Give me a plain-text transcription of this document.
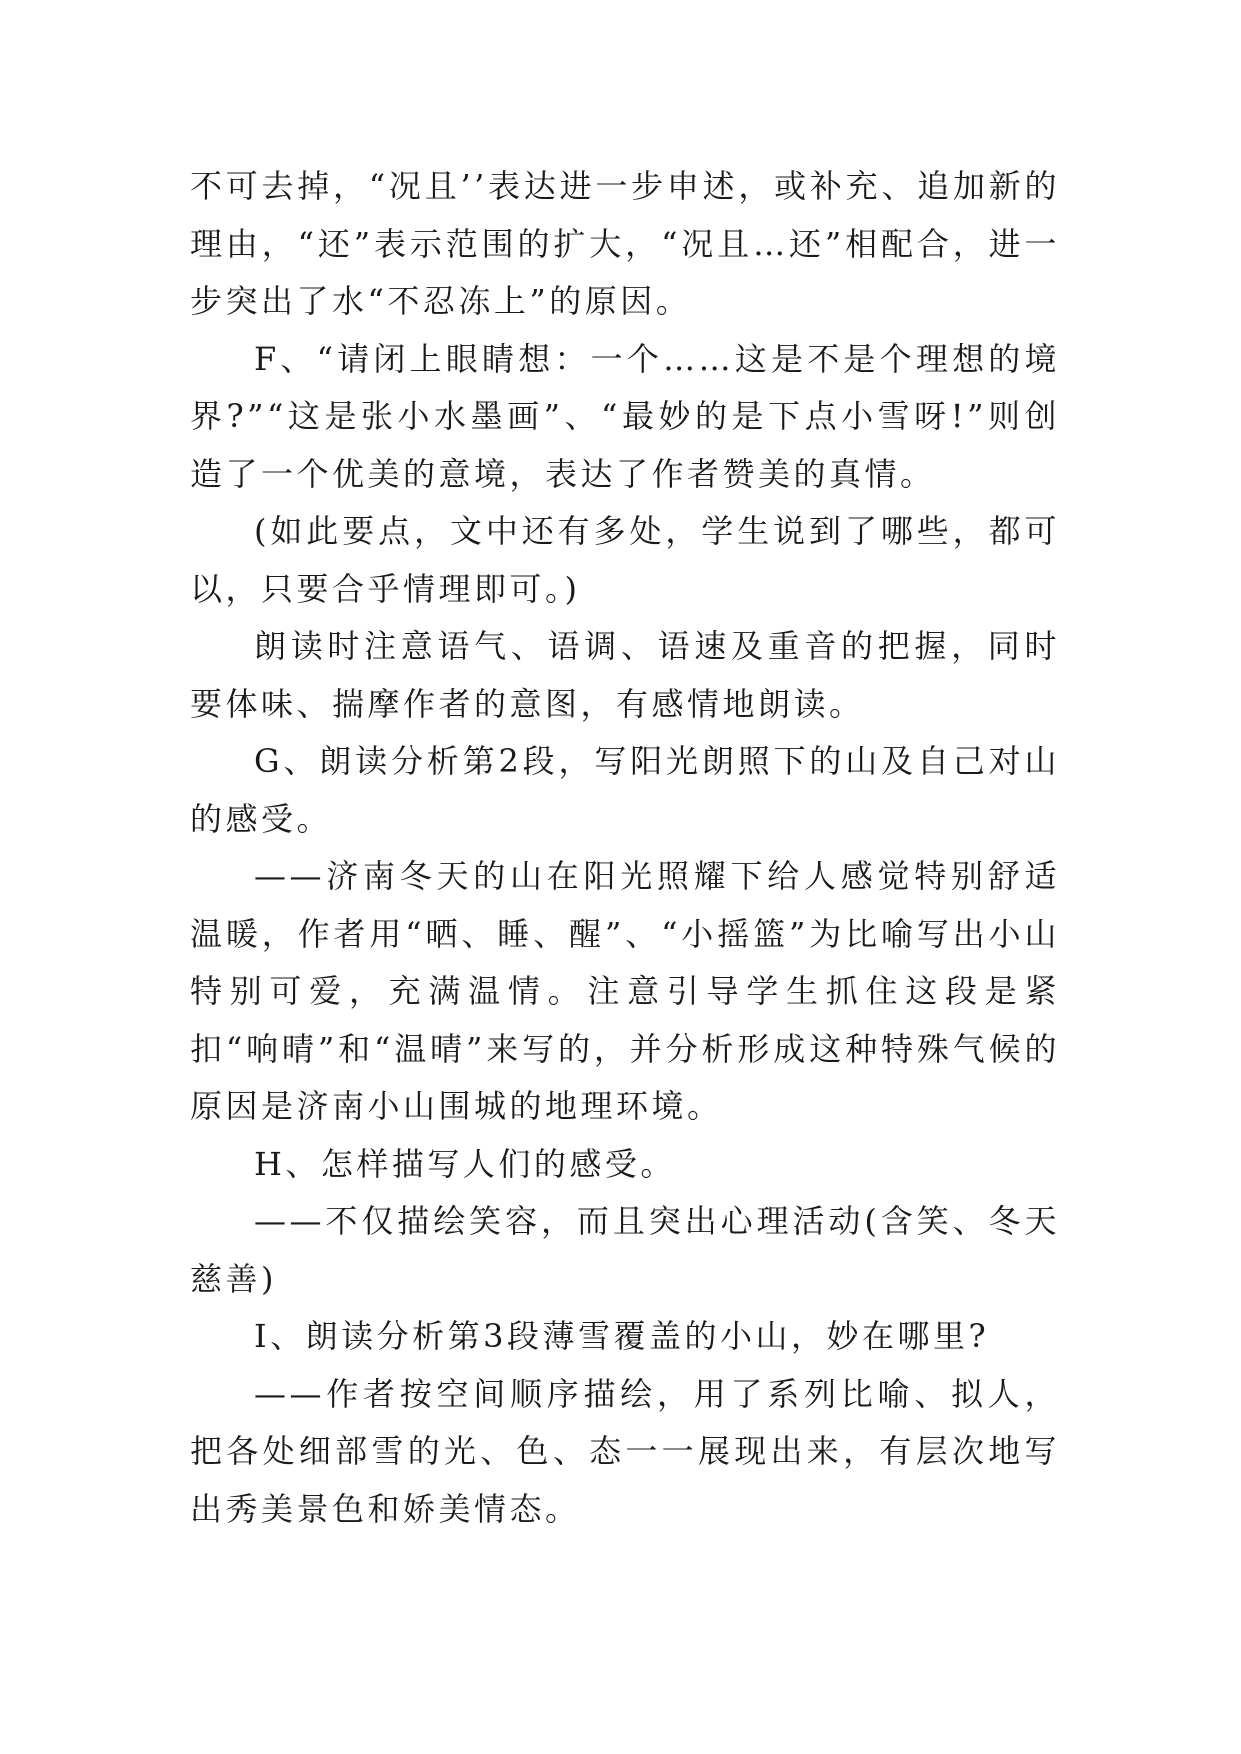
不可去掉，“况且’’表达进一步申述，或补充、追加新的理由，“还”表示范围的扩大，“况且…还”相配合，进一步突出了水“不忍冻上”的原因。

F、“请闭上眼睛想：一个……这是不是个理想的境界?”“这是张小水墨画”、“最妙的是下点小雪呀!”则创造了一个优美的意境，表达了作者赞美的真情。

(如此要点，文中还有多处，学生说到了哪些，都可以，只要合乎情理即可。)

朗读时注意语气、语调、语速及重音的把握，同时要体味、揣摩作者的意图，有感情地朗读。

G、朗读分析第2段，写阳光朗照下的山及自己对山的感受。

——济南冬天的山在阳光照耀下给人感觉特别舒适温暖，作者用“晒、睡、醒”、“小摇篮”为比喻写出小山特别可爱，充满温情。注意引导学生抓住这段是紧扣“响晴”和“温晴”来写的，并分析形成这种特殊气候的原因是济南小山围城的地理环境。

H、怎样描写人们的感受。

——不仅描绘笑容，而且突出心理活动(含笑、冬天慈善)

I、朗读分析第3段薄雪覆盖的小山，妙在哪里?

——作者按空间顺序描绘，用了系列比喻、拟人，把各处细部雪的光、色、态一一展现出来，有层次地写出秀美景色和娇美情态。
